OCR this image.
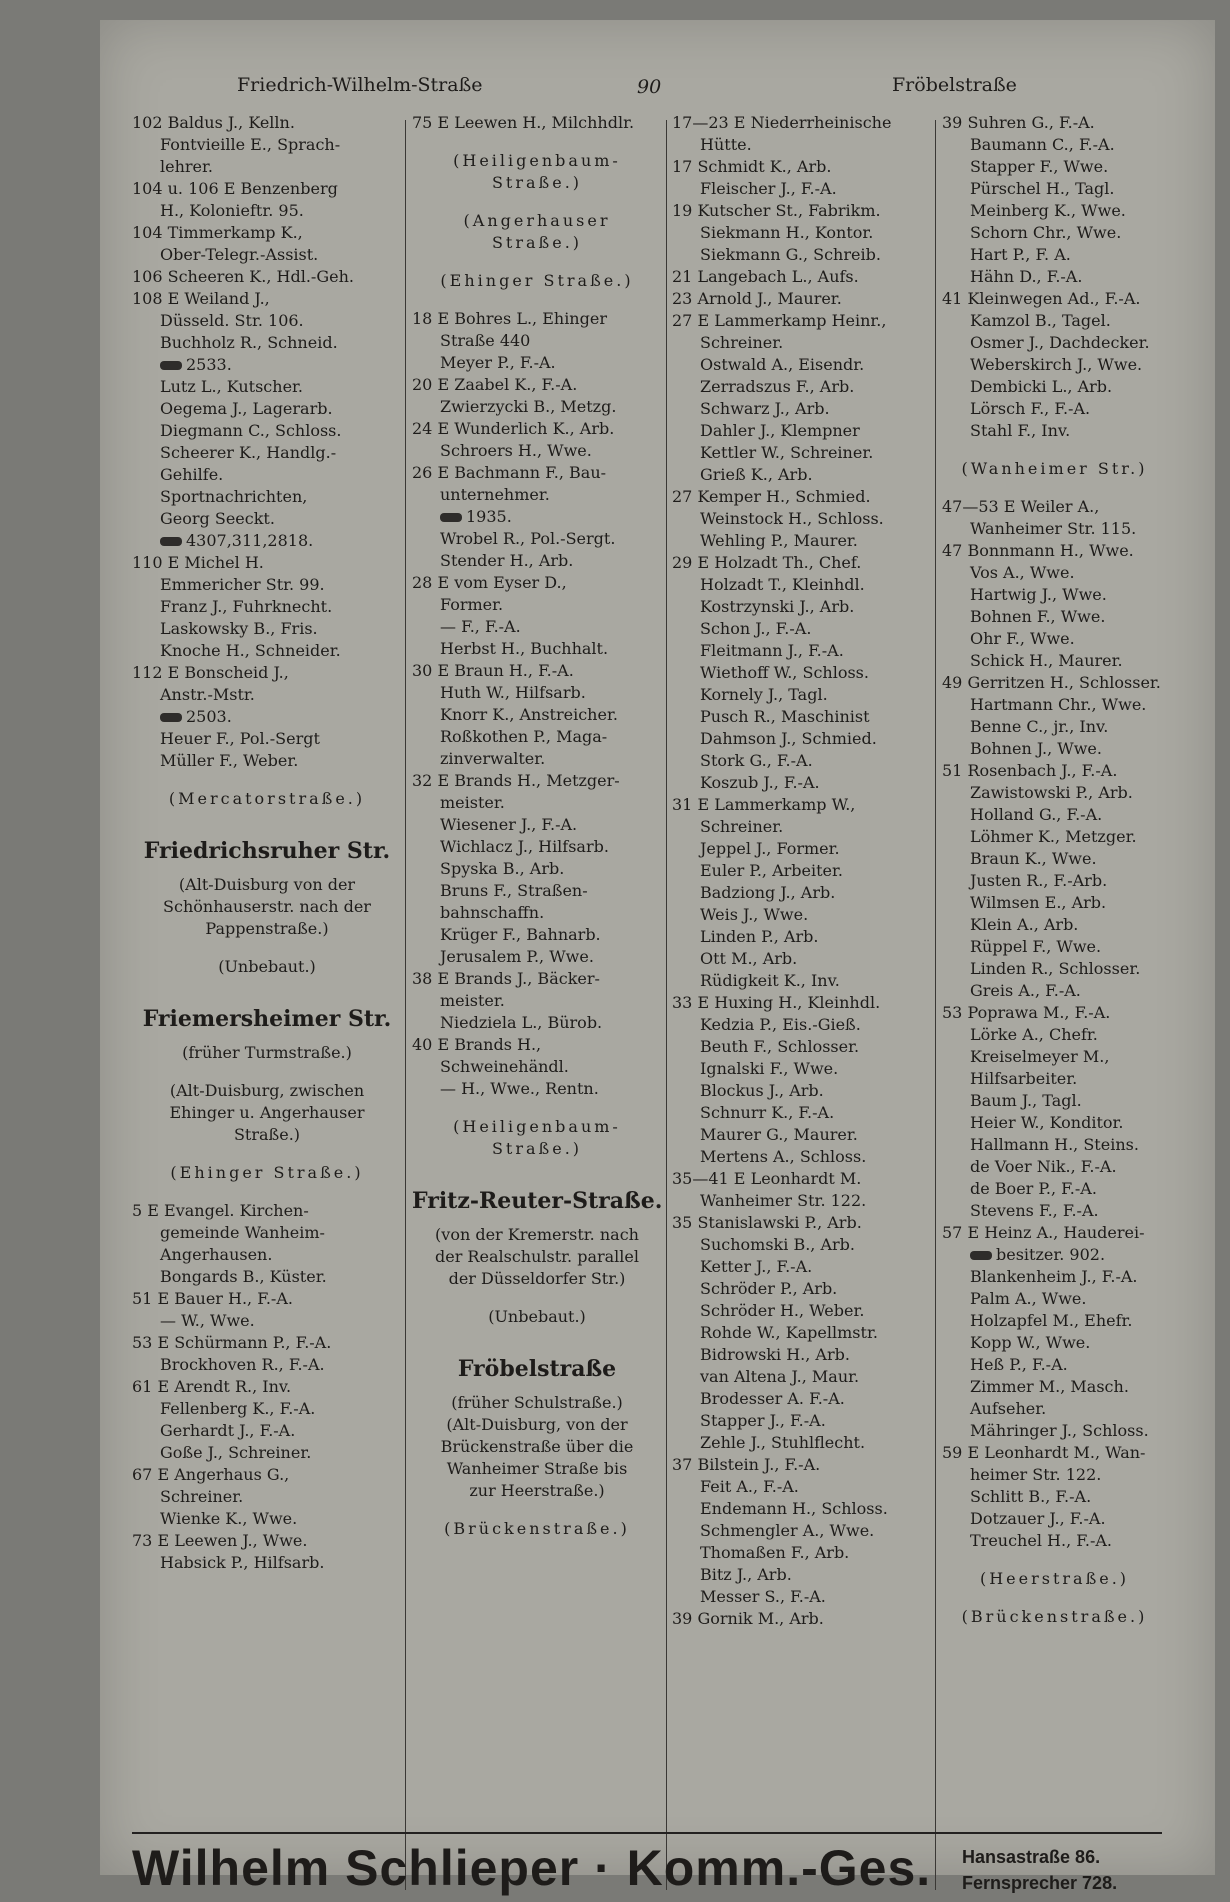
Friedrich-Wilhelm-Straße	90	Fröbelstraße
102 Baldus J., Kelln.
Fontvieille E., Sprach-
lehrer.
104 u. 106 E Benzenberg
H., Kolonieftr. 95.
104 Timmerkamp K.,
Ober-Telegr.-Assist.
106 Scheeren K., Hdl.-Geh.
108 E Weiland J.,
Düsseld. Str. 106.
Buchholz R., Schneid.
2533.
Lutz L., Kutscher.
Oegema J., Lagerarb.
Diegmann C., Schloss.
Scheerer K., Handlg.-
Gehilfe.
Sportnachrichten,
Georg Seeckt.
4307,311,2818.
110 E Michel H.
Emmericher Str. 99.
Franz J., Fuhrknecht.
Laskowsky B., Fris.
Knoche H., Schneider.
112 E Bonscheid J.,
Anstr.-Mstr.
2503.
Heuer F., Pol.-Sergt
Müller F., Weber.
(Mercatorstraße.)
Friedrichsruher Str.
(Alt-Duisburg von der
Schönhauserstr. nach der
Pappenstraße.)
(Unbebaut.)
Friemersheimer Str.
(früher Turmstraße.)
(Alt-Duisburg, zwischen
Ehinger u. Angerhauser
Straße.)
(Ehinger Straße.)
5 E Evangel. Kirchen-
gemeinde Wanheim-
Angerhausen.
Bongards B., Küster.
51 E Bauer H., F.-A.
— W., Wwe.
53 E Schürmann P., F.-A.
Brockhoven R., F.-A.
61 E Arendt R., Inv.
Fellenberg K., F.-A.
Gerhardt J., F.-A.
Goße J., Schreiner.
67 E Angerhaus G.,
Schreiner.
Wienke K., Wwe.
73 E Leewen J., Wwe.
Habsick P., Hilfsarb.
75 E Leewen H., Milchhdlr.
(Heiligenbaum-
Straße.)
(Angerhauser
Straße.)
(Ehinger Straße.)
18 E Bohres L., Ehinger
Straße 440
Meyer P., F.-A.
20 E Zaabel K., F.-A.
Zwierzycki B., Metzg.
24 E Wunderlich K., Arb.
Schroers H., Wwe.
26 E Bachmann F., Bau-
unternehmer.
1935.
Wrobel R., Pol.-Sergt.
Stender H., Arb.
28 E vom Eyser D.,
Former.
— F., F.-A.
Herbst H., Buchhalt.
30 E Braun H., F.-A.
Huth W., Hilfsarb.
Knorr K., Anstreicher.
Roßkothen P., Maga-
zinverwalter.
32 E Brands H., Metzger-
meister.
Wiesener J., F.-A.
Wichlacz J., Hilfsarb.
Spyska B., Arb.
Bruns F., Straßen-
bahnschaffn.
Krüger F., Bahnarb.
Jerusalem P., Wwe.
38 E Brands J., Bäcker-
meister.
Niedziela L., Bürob.
40 E Brands H.,
Schweinehändl.
— H., Wwe., Rentn.
(Heiligenbaum-
Straße.)
Fritz-Reuter-Straße.
(von der Kremerstr. nach
der Realschulstr. parallel
der Düsseldorfer Str.)
(Unbebaut.)
Fröbelstraße
(früher Schulstraße.)
(Alt-Duisburg, von der
Brückenstraße über die
Wanheimer Straße bis
zur Heerstraße.)
(Brückenstraße.)
17—23 E Niederrheinische
Hütte.
17 Schmidt K., Arb.
Fleischer J., F.-A.
19 Kutscher St., Fabrikm.
Siekmann H., Kontor.
Siekmann G., Schreib.
21 Langebach L., Aufs.
23 Arnold J., Maurer.
27 E Lammerkamp Heinr.,
Schreiner.
Ostwald A., Eisendr.
Zerradszus F., Arb.
Schwarz J., Arb.
Dahler J., Klempner
Kettler W., Schreiner.
Grieß K., Arb.
27 Kemper H., Schmied.
Weinstock H., Schloss.
Wehling P., Maurer.
29 E Holzadt Th., Chef.
Holzadt T., Kleinhdl.
Kostrzynski J., Arb.
Schon J., F.-A.
Fleitmann J., F.-A.
Wiethoff W., Schloss.
Kornely J., Tagl.
Pusch R., Maschinist
Dahmson J., Schmied.
Stork G., F.-A.
Koszub J., F.-A.
31 E Lammerkamp W.,
Schreiner.
Jeppel J., Former.
Euler P., Arbeiter.
Badziong J., Arb.
Weis J., Wwe.
Linden P., Arb.
Ott M., Arb.
Rüdigkeit K., Inv.
33 E Huxing H., Kleinhdl.
Kedzia P., Eis.-Gieß.
Beuth F., Schlosser.
Ignalski F., Wwe.
Blockus J., Arb.
Schnurr K., F.-A.
Maurer G., Maurer.
Mertens A., Schloss.
35—41 E Leonhardt M.
Wanheimer Str. 122.
35 Stanislawski P., Arb.
Suchomski B., Arb.
Ketter J., F.-A.
Schröder P., Arb.
Schröder H., Weber.
Rohde W., Kapellmstr.
Bidrowski H., Arb.
van Altena J., Maur.
Brodesser A. F.-A.
Stapper J., F.-A.
Zehle J., Stuhlflecht.
37 Bilstein J., F.-A.
Feit A., F.-A.
Endemann H., Schloss.
Schmengler A., Wwe.
Thomaßen F., Arb.
Bitz J., Arb.
Messer S., F.-A.
39 Gornik M., Arb.
39 Suhren G., F.-A.
Baumann C., F.-A.
Stapper F., Wwe.
Pürschel H., Tagl.
Meinberg K., Wwe.
Schorn Chr., Wwe.
Hart P., F. A.
Hähn D., F.-A.
41 Kleinwegen Ad., F.-A.
Kamzol B., Tagel.
Osmer J., Dachdecker.
Weberskirch J., Wwe.
Dembicki L., Arb.
Lörsch F., F.-A.
Stahl F., Inv.
(Wanheimer Str.)
47—53 E Weiler A.,
Wanheimer Str. 115.
47 Bonnmann H., Wwe.
Vos A., Wwe.
Hartwig J., Wwe.
Bohnen F., Wwe.
Ohr F., Wwe.
Schick H., Maurer.
49 Gerritzen H., Schlosser.
Hartmann Chr., Wwe.
Benne C., jr., Inv.
Bohnen J., Wwe.
51 Rosenbach J., F.-A.
Zawistowski P., Arb.
Holland G., F.-A.
Löhmer K., Metzger.
Braun K., Wwe.
Justen R., F.-Arb.
Wilmsen E., Arb.
Klein A., Arb.
Rüppel F., Wwe.
Linden R., Schlosser.
Greis A., F.-A.
53 Poprawa M., F.-A.
Lörke A., Chefr.
Kreiselmeyer M.,
Hilfsarbeiter.
Baum J., Tagl.
Heier W., Konditor.
Hallmann H., Steins.
de Voer Nik., F.-A.
de Boer P., F.-A.
Stevens F., F.-A.
57 E Heinz A., Hauderei-
besitzer. 902.
Blankenheim J., F.-A.
Palm A., Wwe.
Holzapfel M., Ehefr.
Kopp W., Wwe.
Heß P., F.-A.
Zimmer M., Masch.
Aufseher.
Mähringer J., Schloss.
59 E Leonhardt M., Wan-
heimer Str. 122.
Schlitt B., F.-A.
Dotzauer J., F.-A.
Treuchel H., F.-A.
(Heerstraße.)
(Brückenstraße.)
Wilhelm Schlieper · Komm.-Ges. Hansastraße 86.
Fernsprecher 728.
